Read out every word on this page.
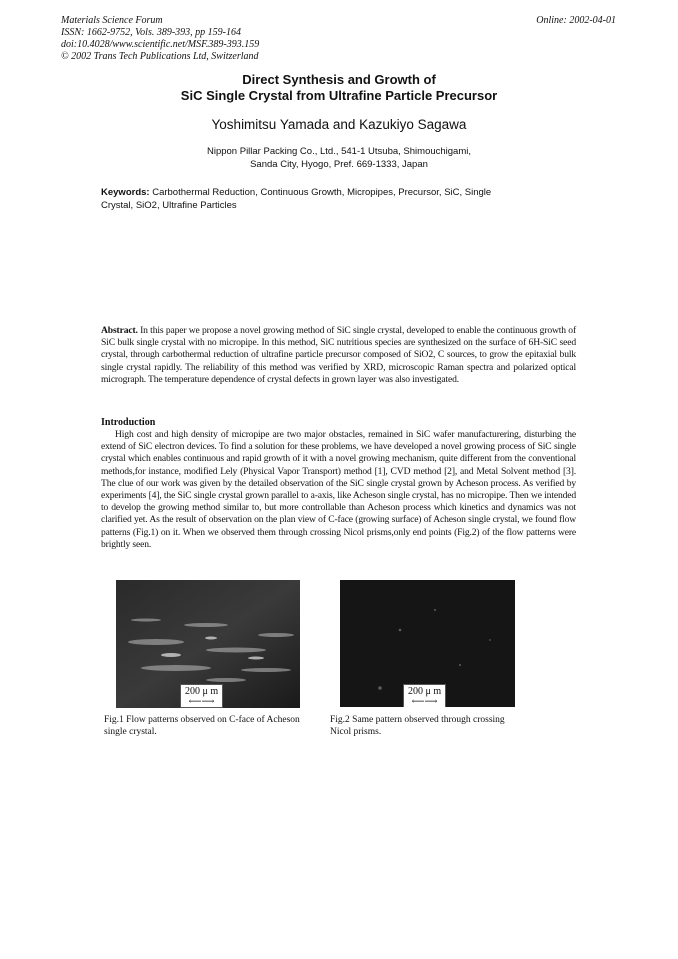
Materials Science Forum
ISSN: 1662-9752, Vols. 389-393, pp 159-164
doi:10.4028/www.scientific.net/MSF.389-393.159
© 2002 Trans Tech Publications Ltd, Switzerland
Online: 2002-04-01
Direct Synthesis and Growth of
SiC Single Crystal from Ultrafine Particle Precursor
Yoshimitsu Yamada and Kazukiyo Sagawa
Nippon Pillar Packing Co., Ltd., 541-1 Utsuba, Shimouchigami,
Sanda City, Hyogo, Pref. 669-1333, Japan
Keywords: Carbothermal Reduction, Continuous Growth, Micropipes, Precursor, SiC, Single Crystal, SiO2, Ultrafine Particles
Abstract. In this paper we propose a novel growing method of SiC single crystal, developed to enable the continuous growth of SiC bulk single crystal with no micropipe. In this method, SiC nutritious species are synthesized on the surface of 6H-SiC seed crystal, through carbothermal reduction of ultrafine particle precursor composed of SiO2, C sources, to grow the epitaxial bulk single crystal rapidly. The reliability of this method was verified by XRD, microscopic Raman spectra and polarized optical micrograph. The temperature dependence of crystal defects in grown layer was also investigated.
Introduction
High cost and high density of micropipe are two major obstacles, remained in SiC wafer manufacturering, disturbing the extend of SiC electron devices. To find a solution for these problems, we have developed a novel growing process of SiC single crystal which enables continuous and rapid growth of it with a novel growing mechanism, quite different from the conventional methods,for instance, modified Lely (Physical Vapor Transport) method [1], CVD method [2], and Metal Solvent method [3]. The clue of our work was given by the detailed observation of the SiC single crystal grown by Acheson process. As verified by experiments [4], the SiC single crystal grown parallel to a-axis, like Acheson single crystal, has no micropipe. Then we intended to develop the growing method similar to, but more controllable than Acheson process which kinetics and dynamics was not clarified yet. As the result of observation on the plan view of C-face (growing surface) of Acheson single crystal, we found flow patterns (Fig.1) on it. When we observed them through crossing Nicol prisms,only end points (Fig.2) of the flow patterns were brightly seen.
200 μ m
⟵⟶
200 μ m
⟵⟶
Fig.1 Flow patterns observed on C-face of Acheson single crystal.
Fig.2 Same pattern observed through crossing Nicol prisms.
